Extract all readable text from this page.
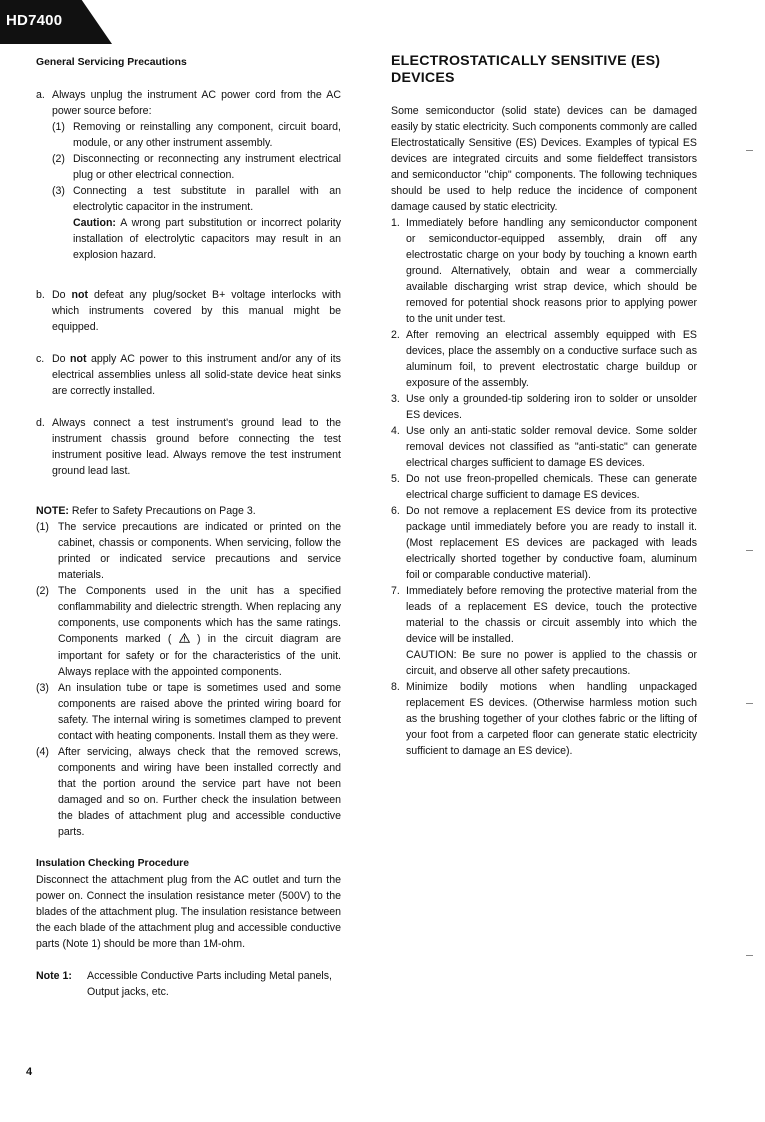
HD7400
General Servicing Precautions
a. Always unplug the instrument AC power cord from the AC power source before:
(1) Removing or reinstalling any component, circuit board, module, or any other instrument assembly.
(2) Disconnecting or reconnecting any instrument electrical plug or other electrical connection.
(3) Connecting a test substitute in parallel with an electrolytic capacitor in the instrument.

Caution: A wrong part substitution or incorrect polarity installation of electrolytic capacitors may result in an explosion hazard.

b. Do not defeat any plug/socket B+ voltage interlocks with which instruments covered by this manual might be equipped.
c. Do not apply AC power to this instrument and/or any of its electrical assemblies unless all solid-state device heat sinks are correctly installed.
d. Always connect a test instrument's ground lead to the instrument chassis ground before connecting the test instrument positive lead. Always remove the test instrument ground lead last.

NOTE: Refer to Safety Precautions on Page 3.

(1) The service precautions are indicated or printed on the cabinet, chassis or components. When servicing, follow the printed or indicated service precautions and service materials.
(2) The Components used in the unit has a specified conflammability and dielectric strength. When replacing any components, use components which has the same ratings. Components marked ( ) in the circuit diagram are important for safety or for the characteristics of the unit. Always replace with the appointed components.
(3) An insulation tube or tape is sometimes used and some components are raised above the printed wiring board for safety. The internal wiring is sometimes clamped to prevent contact with heating components. Install them as they were.
(4) After servicing, always check that the removed screws, components and wiring have been installed correctly and that the portion around the service part have not been damaged and so on. Further check the insulation between the blades of attachment plug and accessible conductive parts.
Insulation Checking Procedure

Disconnect the attachment plug from the AC outlet and turn the power on. Connect the insulation resistance meter (500V) to the blades of the attachment plug. The insulation resistance between the each blade of the attachment plug and accessible conductive parts (Note 1) should be more than 1M-ohm.

Note 1:	Accessible Conductive Parts including Metal panels, Output jacks, etc.
ELECTROSTATICALLY SENSITIVE (ES)
DEVICES

Some semiconductor (solid state) devices can be damaged easily by static electricity. Such components commonly are called Electrostatically Sensitive (ES) Devices. Examples of typical ES devices are integrated circuits and some fieldeffect transistors and semiconductor "chip" components. The following techniques should be used to help reduce the incidence of component damage caused by static electricity.

1. Immediately before handling any semiconductor component or semiconductor-equipped assembly, drain off any electrostatic charge on your body by touching a known earth ground. Alternatively, obtain and wear a commercially available discharging wrist strap device, which should be removed for potential shock reasons prior to applying power to the unit under test.
2. After removing an electrical assembly equipped with ES devices, place the assembly on a conductive surface such as aluminum foil, to prevent electrostatic charge buildup or exposure of the assembly.
3. Use only a grounded-tip soldering iron to solder or unsolder ES devices.
4. Use only an anti-static solder removal device. Some solder removal devices not classified as "anti-static" can generate electrical charges sufficient to damage ES devices.
5. Do not use freon-propelled chemicals. These can generate electrical charge sufficient to damage ES devices.
6. Do not remove a replacement ES device from its protective package until immediately before you are ready to install it. (Most replacement ES devices are packaged with leads electrically shorted together by conductive foam, aluminum foil or comparable conductive material).
7. Immediately before removing the protective material from the leads of a replacement ES device, touch the protective material to the chassis or circuit assembly into which the device will be installed.
CAUTION: Be sure no power is applied to the chassis or circuit, and observe all other safety precautions.
8. Minimize bodily motions when handling unpackaged replacement ES devices. (Otherwise harmless motion such as the brushing together of your clothes fabric or the lifting of your foot from a carpeted floor can generate static electricity sufficient to damage an ES device).
4
